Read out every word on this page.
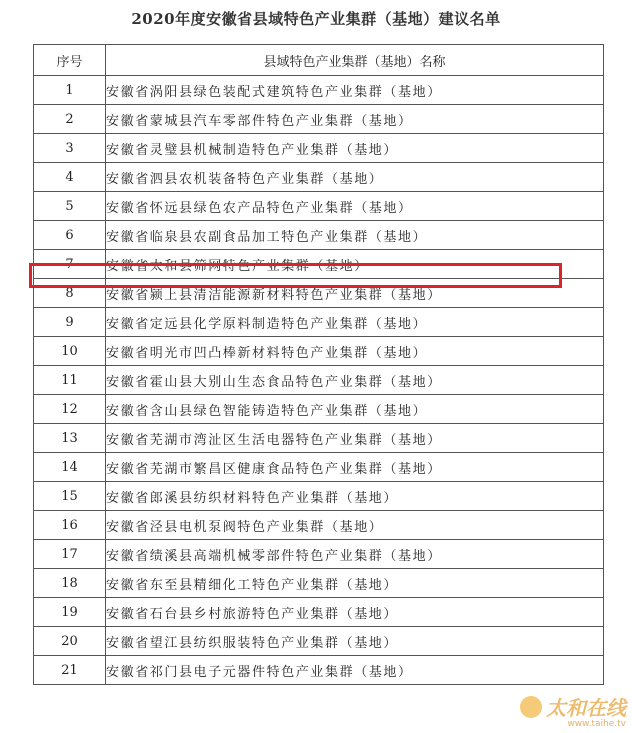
2020年度安徽省县域特色产业集群（基地）建议名单
序号	县域特色产业集群（基地）名称
1	安徽省涡阳县绿色装配式建筑特色产业集群（基地）
2	安徽省蒙城县汽车零部件特色产业集群（基地）
3	安徽省灵璧县机械制造特色产业集群（基地）
4	安徽省泗县农机装备特色产业集群（基地）
5	安徽省怀远县绿色农产品特色产业集群（基地）
6	安徽省临泉县农副食品加工特色产业集群（基地）
7	安徽省太和县筛网特色产业集群（基地）
8	安徽省颍上县清洁能源新材料特色产业集群（基地）
9	安徽省定远县化学原料制造特色产业集群（基地）
10	安徽省明光市凹凸棒新材料特色产业集群（基地）
11	安徽省霍山县大别山生态食品特色产业集群（基地）
12	安徽省含山县绿色智能铸造特色产业集群（基地）
13	安徽省芜湖市湾沚区生活电器特色产业集群（基地）
14	安徽省芜湖市繁昌区健康食品特色产业集群（基地）
15	安徽省郎溪县纺织材料特色产业集群（基地）
16	安徽省泾县电机泵阀特色产业集群（基地）
17	安徽省绩溪县高端机械零部件特色产业集群（基地）
18	安徽省东至县精细化工特色产业集群（基地）
19	安徽省石台县乡村旅游特色产业集群（基地）
20	安徽省望江县纺织服装特色产业集群（基地）
21	安徽省祁门县电子元器件特色产业集群（基地）
太和在线
www.taihe.tv
